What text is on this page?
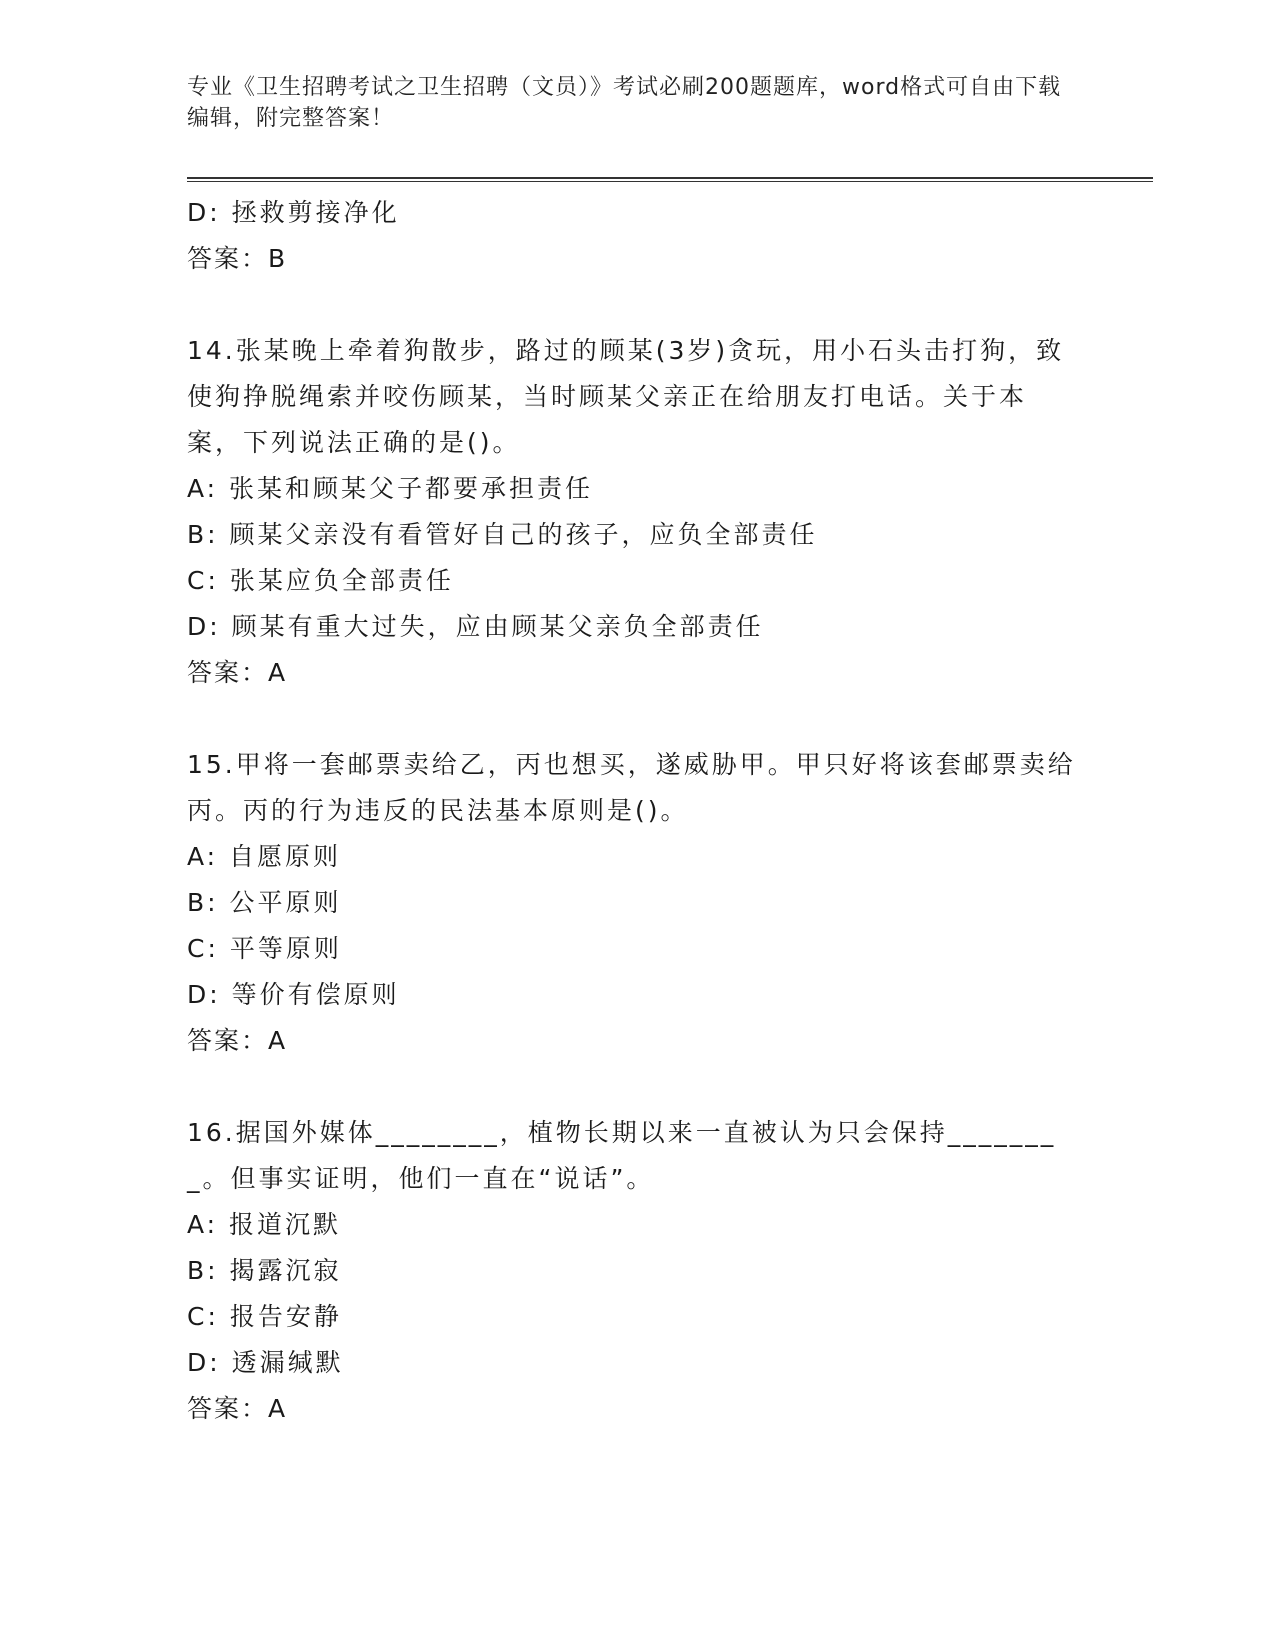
专业《卫生招聘考试之卫生招聘（文员）》考试必刷200题题库，word格式可自由下载编辑，附完整答案！
D: 拯救剪接净化
答案：B
14.张某晚上牵着狗散步，路过的顾某(3岁)贪玩，用小石头击打狗，致使狗挣脱绳索并咬伤顾某，当时顾某父亲正在给朋友打电话。关于本案，下列说法正确的是()。
A: 张某和顾某父子都要承担责任
B: 顾某父亲没有看管好自己的孩子，应负全部责任
C: 张某应负全部责任
D: 顾某有重大过失，应由顾某父亲负全部责任
答案：A
15.甲将一套邮票卖给乙，丙也想买，遂威胁甲。甲只好将该套邮票卖给丙。丙的行为违反的民法基本原则是()。
A: 自愿原则
B: 公平原则
C: 平等原则
D: 等价有偿原则
答案：A
16.据国外媒体________，植物长期以来一直被认为只会保持________。但事实证明，他们一直在“说话”。
A: 报道沉默
B: 揭露沉寂
C: 报告安静
D: 透漏缄默
答案：A
